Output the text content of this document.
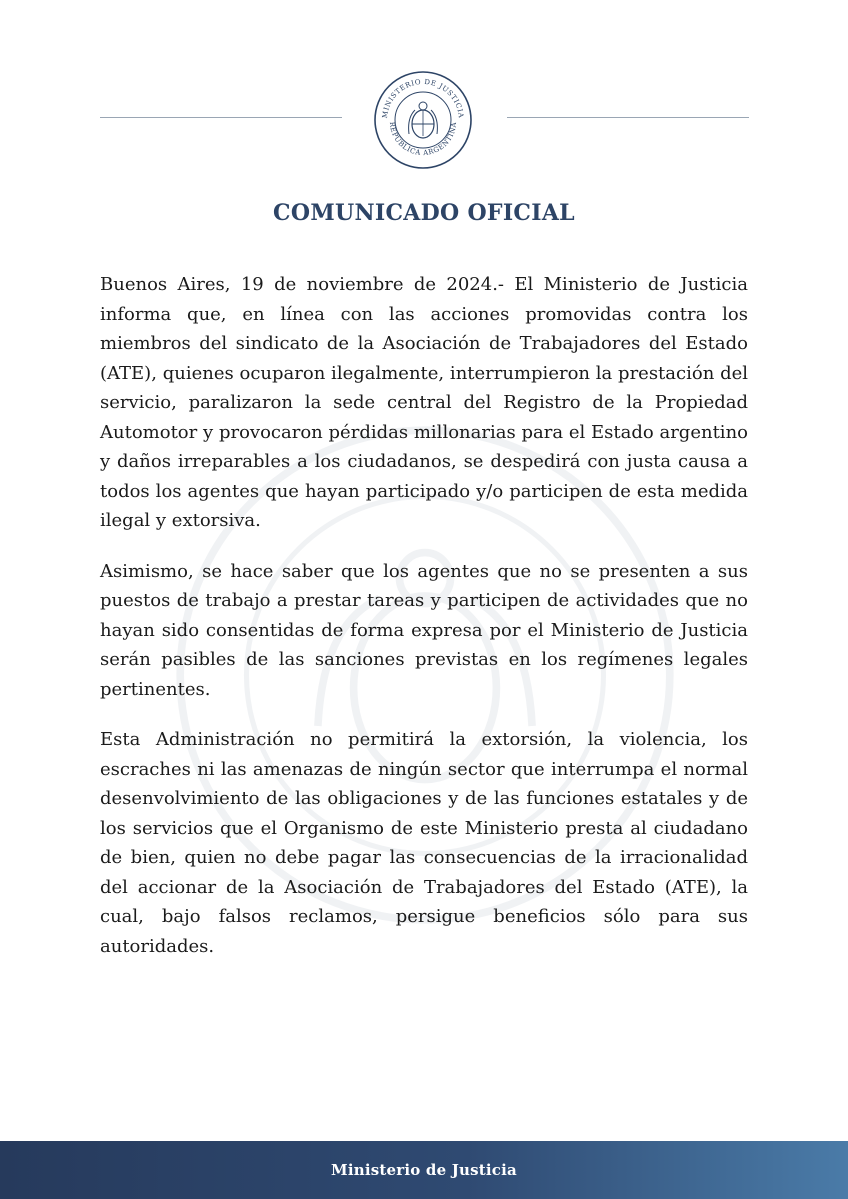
MINISTERIO DE JUSTICIA
REPÚBLICA ARGENTINA
COMUNICADO OFICIAL

Buenos Aires, 19 de noviembre de 2024.- El Ministerio de Justicia informa que, en línea con las acciones promovidas contra los miembros del sindicato de la Asociación de Trabajadores del Estado (ATE), quienes ocuparon ilegalmente, interrumpieron la prestación del servicio, paralizaron la sede central del Registro de la Propiedad Automotor y provocaron pérdidas millonarias para el Estado argentino y daños irreparables a los ciudadanos, se despedirá con justa causa a todos los agentes que hayan participado y/o participen de esta medida ilegal y extorsiva.

Asimismo, se hace saber que los agentes que no se presenten a sus puestos de trabajo a prestar tareas y participen de actividades que no hayan sido consentidas de forma expresa por el Ministerio de Justicia serán pasibles de las sanciones previstas en los regímenes legales pertinentes.

Esta Administración no permitirá la extorsión, la violencia, los escraches ni las amenazas de ningún sector que interrumpa el normal desenvolvimiento de las obligaciones y de las funciones estatales y de los servicios que el Organismo de este Ministerio presta al ciudadano de bien, quien no debe pagar las consecuencias de la irracionalidad del accionar de la Asociación de Trabajadores del Estado (ATE), la cual, bajo falsos reclamos, persigue beneficios sólo para sus autoridades.

Ministerio de Justicia
